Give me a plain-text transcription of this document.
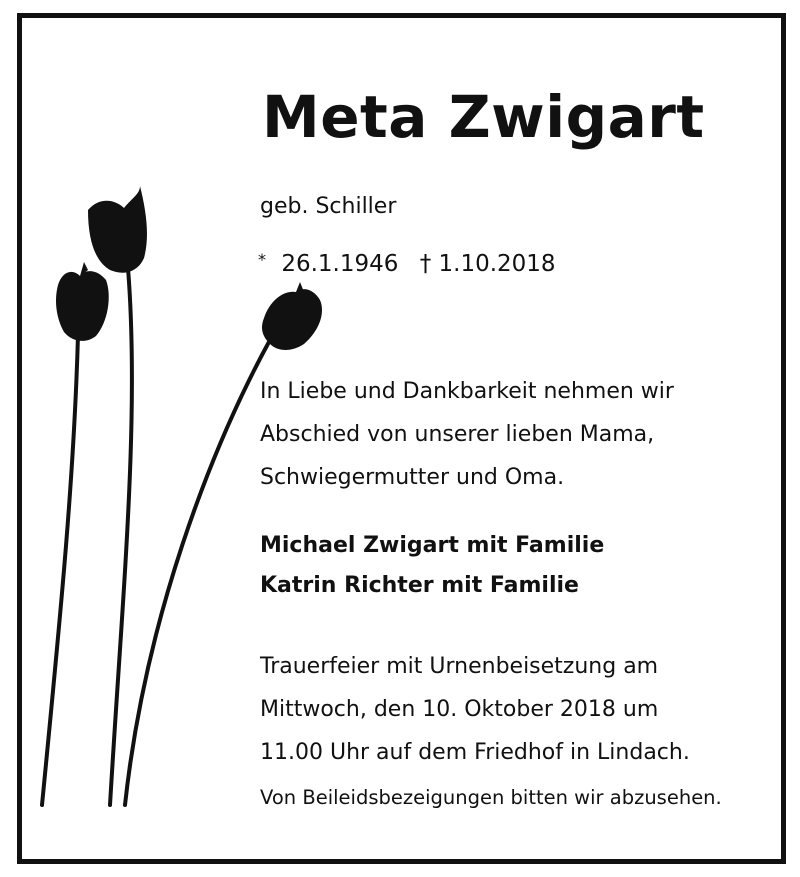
Meta Zwigart
geb. Schiller
* 26.1.1946 † 1.10.2018
In Liebe und Dankbarkeit nehmen wir
Abschied von unserer lieben Mama,
Schwiegermutter und Oma.
Michael Zwigart mit Familie
Katrin Richter mit Familie
Trauerfeier mit Urnenbeisetzung am
Mittwoch, den 10. Oktober 2018 um
11.00 Uhr auf dem Friedhof in Lindach.
Von Beileidsbezeigungen bitten wir abzusehen.
